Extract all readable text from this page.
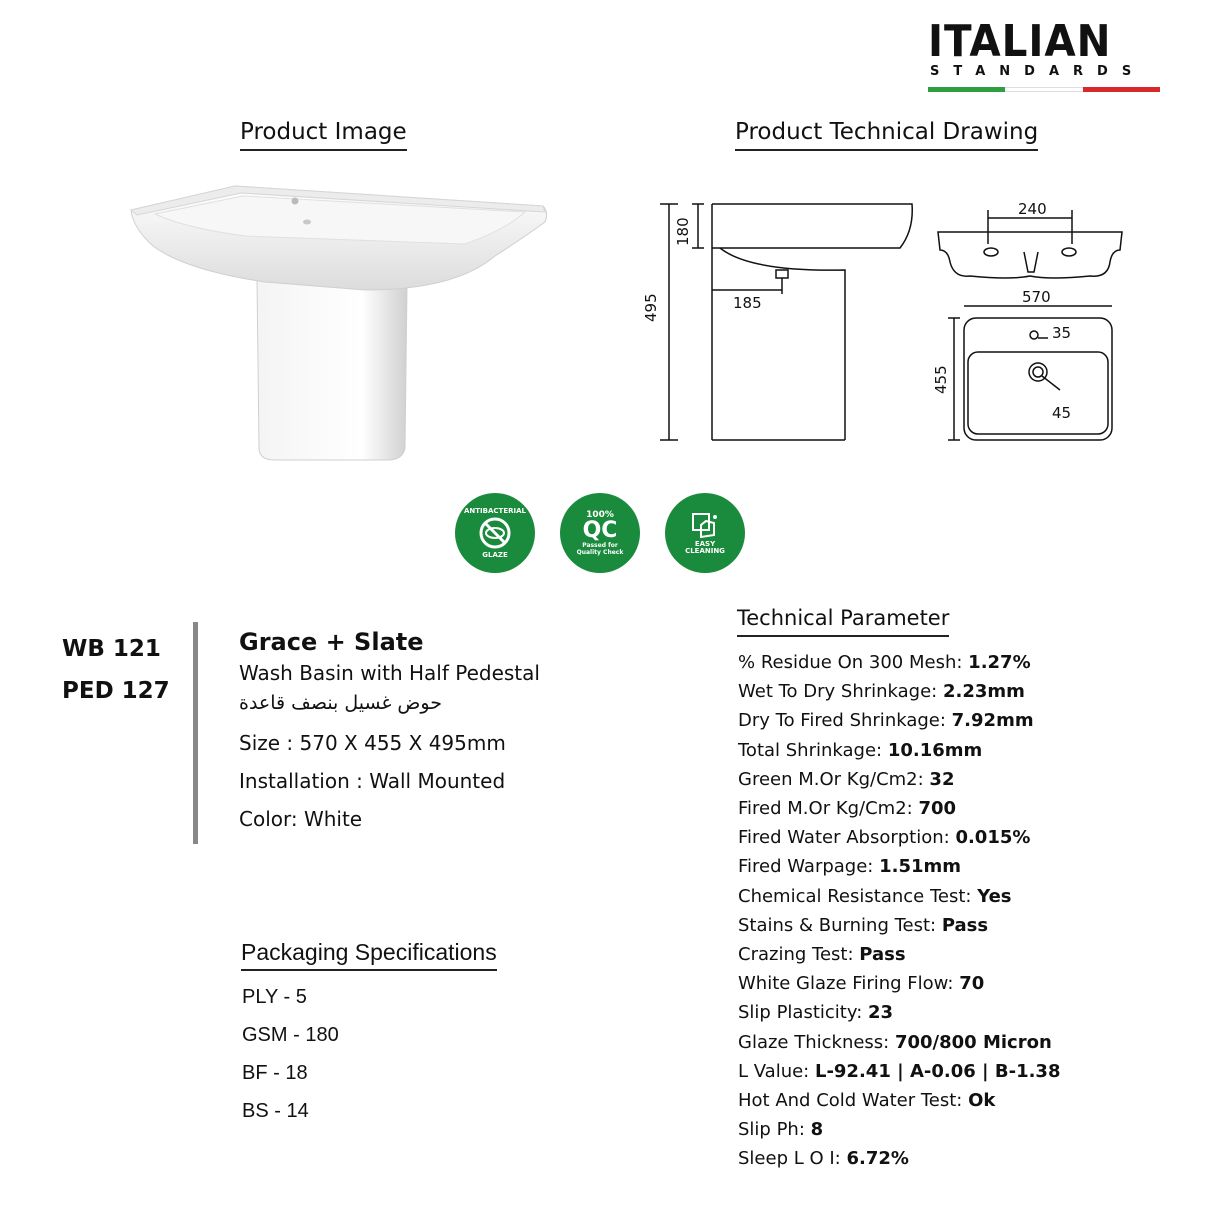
ITALIAN
STANDARDS
Product Image	Product Technical Drawing
495
180
185
240
570
455
35
45
ANTIBACTERIAL
GLAZE
100%
QC
Passed for Quality Check
EASY
CLEANING
WB 121
PED 127
Grace + Slate
Wash Basin with Half Pedestal
حوض غسيل بنصف قاعدة
Size : 570 X 455 X 495mm
Installation : Wall Mounted
Color: White
Packaging Specifications
PLY - 5
GSM - 180
BF - 18
BS - 14
Technical Parameter
% Residue On 300 Mesh: 1.27%
Wet To Dry Shrinkage: 2.23mm
Dry To Fired Shrinkage: 7.92mm
Total Shrinkage: 10.16mm
Green M.Or Kg/Cm2: 32
Fired M.Or Kg/Cm2: 700
Fired Water Absorption: 0.015%
Fired Warpage: 1.51mm
Chemical Resistance Test: Yes
Stains & Burning Test: Pass
Crazing Test: Pass
White Glaze Firing Flow: 70
Slip Plasticity: 23
Glaze Thickness: 700/800 Micron
L Value: L-92.41 | A-0.06 | B-1.38
Hot And Cold Water Test: Ok
Slip Ph: 8
Sleep L O I: 6.72%
